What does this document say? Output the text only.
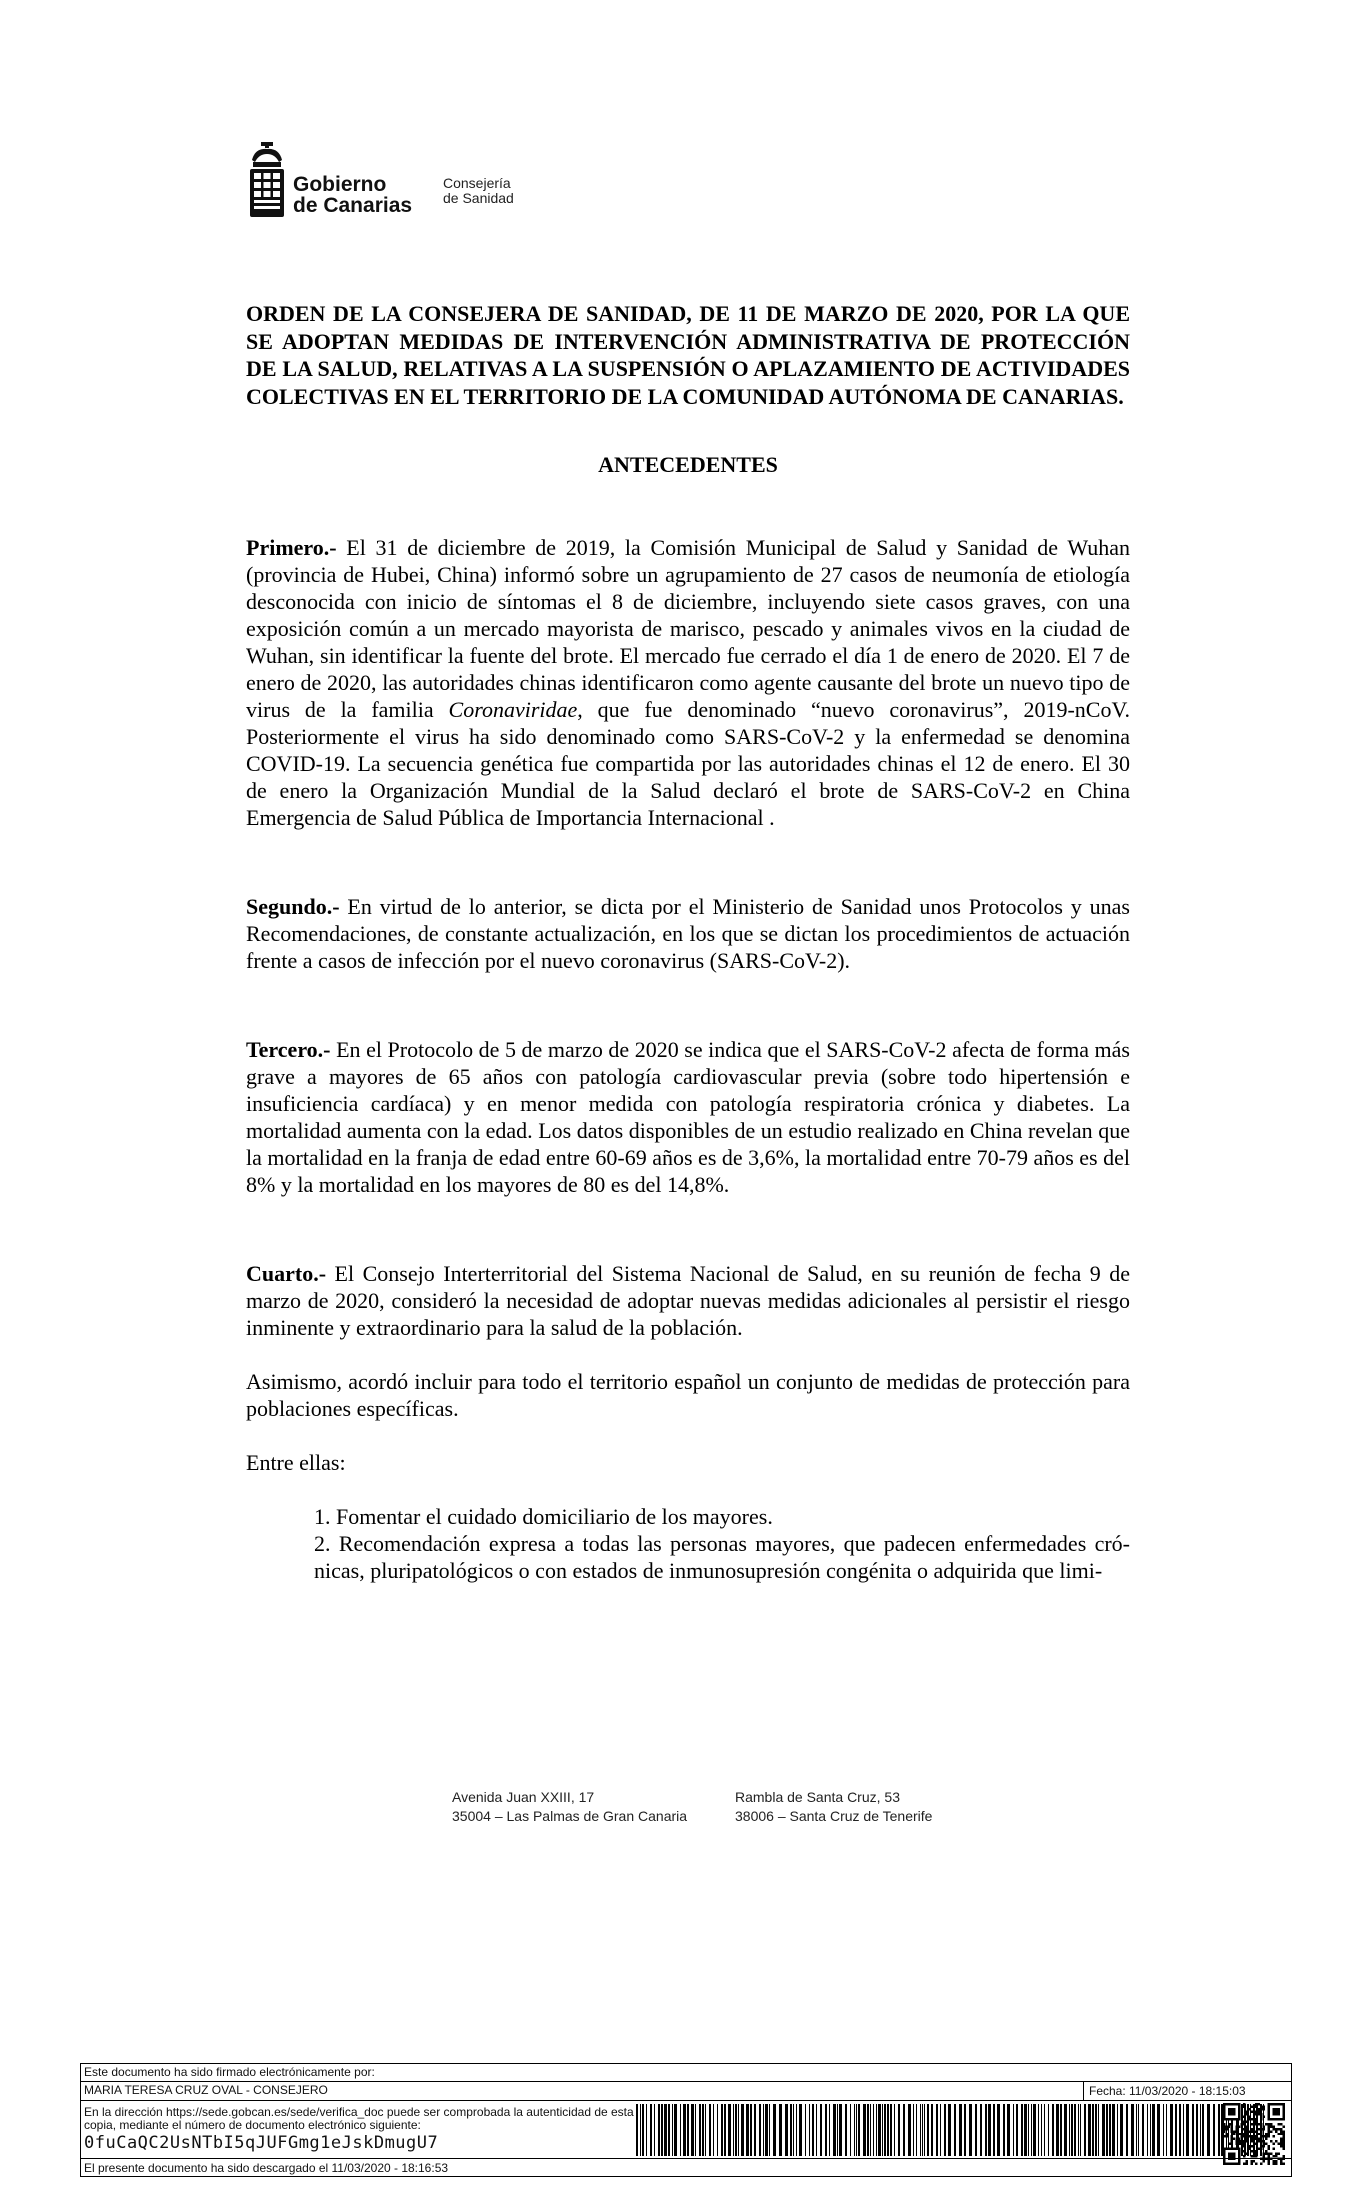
Gobierno
de Canarias
Consejería
de Sanidad

ORDEN DE LA CONSEJERA DE SANIDAD, DE 11 DE MARZO DE 2020, POR LA QUE SE ADOPTAN MEDIDAS DE INTERVENCIÓN ADMINISTRATIVA DE PROTECCIÓN DE LA SALUD, RELATIVAS A LA SUSPENSIÓN O APLAZAMIENTO DE ACTIVIDADES COLECTIVAS EN EL TERRITORIO DE LA COMUNIDAD AUTÓNOMA DE CANARIAS.

ANTECEDENTES

Primero.- El 31 de diciembre de 2019, la Comisión Municipal de Salud y Sanidad de Wuhan (provincia de Hubei, China) informó sobre un agrupamiento de 27 casos de neumonía de etiología desconocida con inicio de síntomas el 8 de diciembre, incluyendo siete casos graves, con una exposición común a un mercado mayorista de marisco, pescado y animales vivos en la ciudad de Wuhan, sin identificar la fuente del brote. El mercado fue cerrado el día 1 de enero de 2020. El 7 de enero de 2020, las autoridades chinas identificaron como agente causante del brote un nuevo tipo de virus de la familia Coronaviridae, que fue denominado “nuevo coronavirus”, 2019-nCoV. Posteriormente el virus ha sido denominado como SARS-CoV-2 y la enfermedad se denomina COVID-19. La secuencia genética fue compartida por las autoridades chinas el 12 de enero. El 30 de enero la Organización Mundial de la Salud declaró el brote de SARS-CoV-2 en China Emergencia de Salud Pública de Importancia Internacional .

Segundo.- En virtud de lo anterior, se dicta por el Ministerio de Sanidad unos Protocolos y unas Recomendaciones, de constante actualización, en los que se dictan los procedimientos de actuación frente a casos de infección por el nuevo coronavirus (SARS-CoV-2).

Tercero.- En el Protocolo de 5 de marzo de 2020 se indica que el SARS-CoV-2 afecta de forma más grave a mayores de 65 años con patología cardiovascular previa (sobre todo hipertensión e insuficiencia cardíaca) y en menor medida con patología respiratoria crónica y diabetes. La mortalidad aumenta con la edad. Los datos disponibles de un estudio realizado en China revelan que la mortalidad en la franja de edad entre 60-69 años es de 3,6%, la mortalidad entre 70-79 años es del 8% y la mortalidad en los mayores de 80 es del 14,8%.

Cuarto.- El Consejo Interterritorial del Sistema Nacional de Salud, en su reunión de fecha 9 de marzo de 2020, consideró la necesidad de adoptar nuevas medidas adicionales al persistir el riesgo inminente y extraordinario para la salud de la población.

Asimismo, acordó incluir para todo el territorio español un conjunto de medidas de protección para poblaciones específicas.

Entre ellas:

1. Fomentar el cuidado domiciliario de los mayores.

2. Recomendación expresa a todas las personas mayores, que padecen enfermedades cró-nicas, pluripatológicos o con estados de inmunosupresión congénita o adquirida que limi-

Avenida Juan XXIII, 17
35004 – Las Palmas de Gran Canaria
Rambla de Santa Cruz, 53
38006 – Santa Cruz de Tenerife
Este documento ha sido firmado electrónicamente por:
MARIA TERESA CRUZ OVAL - CONSEJERO	Fecha: 11/03/2020 - 18:15:03
En la dirección https://sede.gobcan.es/sede/verifica_doc puede ser comprobada la autenticidad de esta copia, mediante el número de documento electrónico siguiente:
0fuCaQC2UsNTbI5qJUFGmg1eJskDmugU7
El presente documento ha sido descargado el 11/03/2020 - 18:16:53
